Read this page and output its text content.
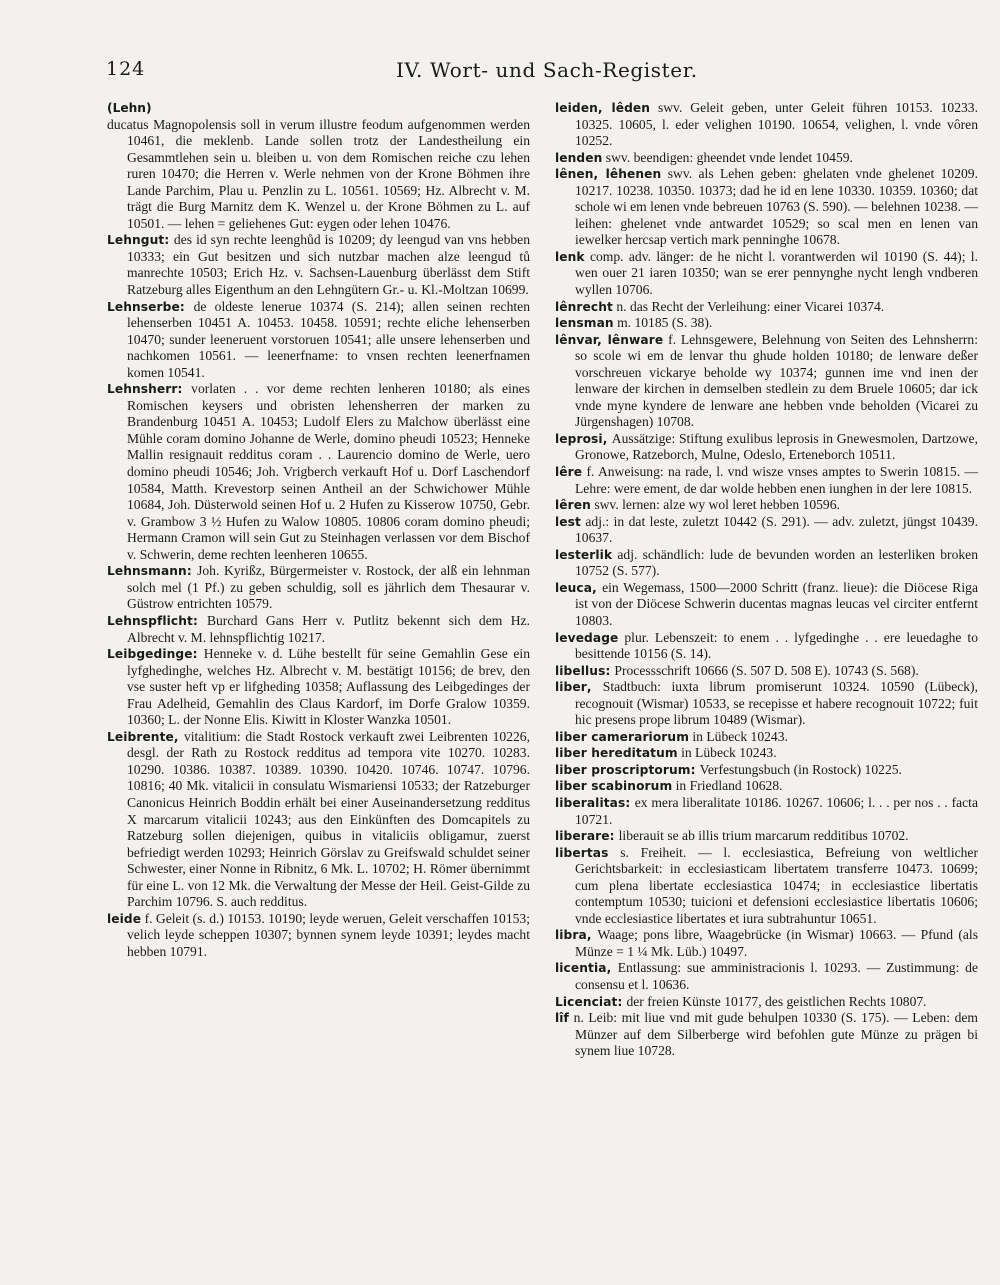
124	IV. Wort- und Sach-Register.

(Lehn)

ducatus Magnopolensis soll in verum illustre feodum aufgenommen werden 10461, die meklenb. Lande sollen trotz der Landestheilung ein Gesammtlehen sein u. bleiben u. von dem Romischen reiche czu lehen ruren 10470; die Herren v. Werle nehmen von der Krone Böhmen ihre Lande Parchim, Plau u. Penzlin zu L. 10561. 10569; Hz. Albrecht v. M. trägt die Burg Marnitz dem K. Wenzel u. der Krone Böhmen zu L. auf 10501. — lehen = geliehenes Gut: eygen oder lehen 10476.

Lehngut: des id syn rechte leenghůd is 10209; dy leengud van vns hebben 10333; ein Gut besitzen und sich nutzbar machen alze leengud tů manrechte 10503; Erich Hz. v. Sachsen-Lauenburg überlässt dem Stift Ratzeburg alles Eigenthum an den Lehngütern Gr.- u. Kl.-Moltzan 10699.

Lehnserbe: de oldeste lenerue 10374 (S. 214); allen seinen rechten lehenserben 10451 A. 10453. 10458. 10591; rechte eliche lehenserben 10470; sunder leeneruent vorstoruen 10541; alle unsere lehenserben und nachkomen 10561. — leenerfname: to vnsen rechten leenerfnamen komen 10541.

Lehnsherr: vorlaten . . vor deme rechten lenheren 10180; als eines Romischen keysers und obristen lehensherren der marken zu Brandenburg 10451 A. 10453; Ludolf Elers zu Malchow überlässt eine Mühle coram domino Johanne de Werle, domino pheudi 10523; Henneke Mallin resignauit redditus coram . . Laurencio domino de Werle, uero domino pheudi 10546; Joh. Vrigberch verkauft Hof u. Dorf Laschendorf 10584, Matth. Krevestorp seinen Antheil an der Schwichower Mühle 10684, Joh. Düsterwold seinen Hof u. 2 Hufen zu Kisserow 10750, Gebr. v. Grambow 3 ½ Hufen zu Walow 10805. 10806 coram domino pheudi; Hermann Cramon will sein Gut zu Steinhagen verlassen vor dem Bischof v. Schwerin, deme rechten leenheren 10655.

Lehnsmann: Joh. Kyrißz, Bürgermeister v. Rostock, der alß ein lehnman solch mel (1 Pf.) zu geben schuldig, soll es jährlich dem Thesaurar v. Güstrow entrichten 10579.

Lehnspflicht: Burchard Gans Herr v. Putlitz bekennt sich dem Hz. Albrecht v. M. lehnspflichtig 10217.

Leibgedinge: Henneke v. d. Lühe bestellt für seine Gemahlin Gese ein lyfghedinghe, welches Hz. Albrecht v. M. bestätigt 10156; de brev, den vse suster heft vp er lifgheding 10358; Auflassung des Leibgedinges der Frau Adelheid, Gemahlin des Claus Kardorf, im Dorfe Gralow 10359. 10360; L. der Nonne Elis. Kiwitt in Kloster Wanzka 10501.

Leibrente, vitalitium: die Stadt Rostock verkauft zwei Leibrenten 10226, desgl. der Rath zu Rostock redditus ad tempora vite 10270. 10283. 10290. 10386. 10387. 10389. 10390. 10420. 10746. 10747. 10796. 10816; 40 Mk. vitalicii in consulatu Wismariensi 10533; der Ratzeburger Canonicus Heinrich Boddin erhält bei einer Auseinandersetzung redditus X marcarum vitalicii 10243; aus den Einkünften des Domcapitels zu Ratzeburg sollen diejenigen, quibus in vitaliciis obligamur, zuerst befriedigt werden 10293; Heinrich Görslav zu Greifswald schuldet seiner Schwester, einer Nonne in Ribnitz, 6 Mk. L. 10702; H. Römer übernimmt für eine L. von 12 Mk. die Verwaltung der Messe der Heil. Geist-Gilde zu Parchim 10796. S. auch redditus.

leide f. Geleit (s. d.) 10153. 10190; leyde weruen, Geleit verschaffen 10153; velich leyde scheppen 10307; bynnen synem leyde 10391; leydes macht hebben 10791.

leiden, lêden swv. Geleit geben, unter Geleit führen 10153. 10233. 10325. 10605, l. eder velighen 10190. 10654, velighen, l. vnde vôren 10252.

lenden swv. beendigen: gheendet vnde lendet 10459.

lênen, lêhenen swv. als Lehen geben: ghelaten vnde ghelenet 10209. 10217. 10238. 10350. 10373; dad he id en lene 10330. 10359. 10360; dat schole wi em lenen vnde bebreuen 10763 (S. 590). — belehnen 10238. — leihen: ghelenet vnde antwardet 10529; so scal men en lenen van iewelker hercsap vertich mark penninghe 10678.

lenk comp. adv. länger: de he nicht l. vorantwerden wil 10190 (S. 44); l. wen ouer 21 iaren 10350; wan se erer pennynghe nycht lengh vndberen wyllen 10706.

lênrecht n. das Recht der Verleihung: einer Vicarei 10374.

lensman m. 10185 (S. 38).

lênvar, lênware f. Lehnsgewere, Belehnung von Seiten des Lehnsherrn: so scole wi em de lenvar thu ghude holden 10180; de lenware deßer vorschreuen vickarye beholde wy 10374; gunnen ime vnd inen der lenware der kirchen in demselben stedlein zu dem Bruele 10605; dar ick vnde myne kyndere de lenware ane hebben vnde beholden (Vicarei zu Jürgenshagen) 10708.

leprosi, Aussätzige: Stiftung exulibus leprosis in Gnewesmolen, Dartzowe, Gronowe, Ratzeborch, Mulne, Odeslo, Erteneborch 10511.

lêre f. Anweisung: na rade, l. vnd wisze vnses amptes to Swerin 10815. — Lehre: were ement, de dar wolde hebben enen iunghen in der lere 10815.

lêren swv. lernen: alze wy wol leret hebben 10596.

lest adj.: in dat leste, zuletzt 10442 (S. 291). — adv. zuletzt, jüngst 10439. 10637.

lesterlik adj. schändlich: lude de bevunden worden an lesterliken broken 10752 (S. 577).

leuca, ein Wegemass, 1500—2000 Schritt (franz. lieue): die Diöcese Riga ist von der Diöcese Schwerin ducentas magnas leucas vel circiter entfernt 10803.

levedage plur. Lebenszeit: to enem . . lyfgedinghe . . ere leuedaghe to besittende 10156 (S. 14).

libellus: Processschrift 10666 (S. 507 D. 508 E). 10743 (S. 568).

liber, Stadtbuch: iuxta librum promiserunt 10324. 10590 (Lübeck), recognouit (Wismar) 10533, se recepisse et habere recognouit 10722; fuit hic presens prope librum 10489 (Wismar).

liber camerariorum in Lübeck 10243.

liber hereditatum in Lübeck 10243.

liber proscriptorum: Verfestungsbuch (in Rostock) 10225.

liber scabinorum in Friedland 10628.

liberalitas: ex mera liberalitate 10186. 10267. 10606; l. . . per nos . . facta 10721.

liberare: liberauit se ab illis trium marcarum redditibus 10702.

libertas s. Freiheit. — l. ecclesiastica, Befreiung von weltlicher Gerichtsbarkeit: in ecclesiasticam libertatem transferre 10473. 10699; cum plena libertate ecclesiastica 10474; in ecclesiastice libertatis contemptum 10530; tuicioni et defensioni ecclesiastice libertatis 10606; vnde ecclesiastice libertates et iura subtrahuntur 10651.

libra, Waage; pons libre, Waagebrücke (in Wismar) 10663. — Pfund (als Münze = 1 ¼ Mk. Lüb.) 10497.

licentia, Entlassung: sue amministracionis l. 10293. — Zustimmung: de consensu et l. 10636.

Licenciat: der freien Künste 10177, des geistlichen Rechts 10807.

lîf n. Leib: mit liue vnd mit gude behulpen 10330 (S. 175). — Leben: dem Münzer auf dem Silberberge wird befohlen gute Münze zu prägen bi synem liue 10728.
